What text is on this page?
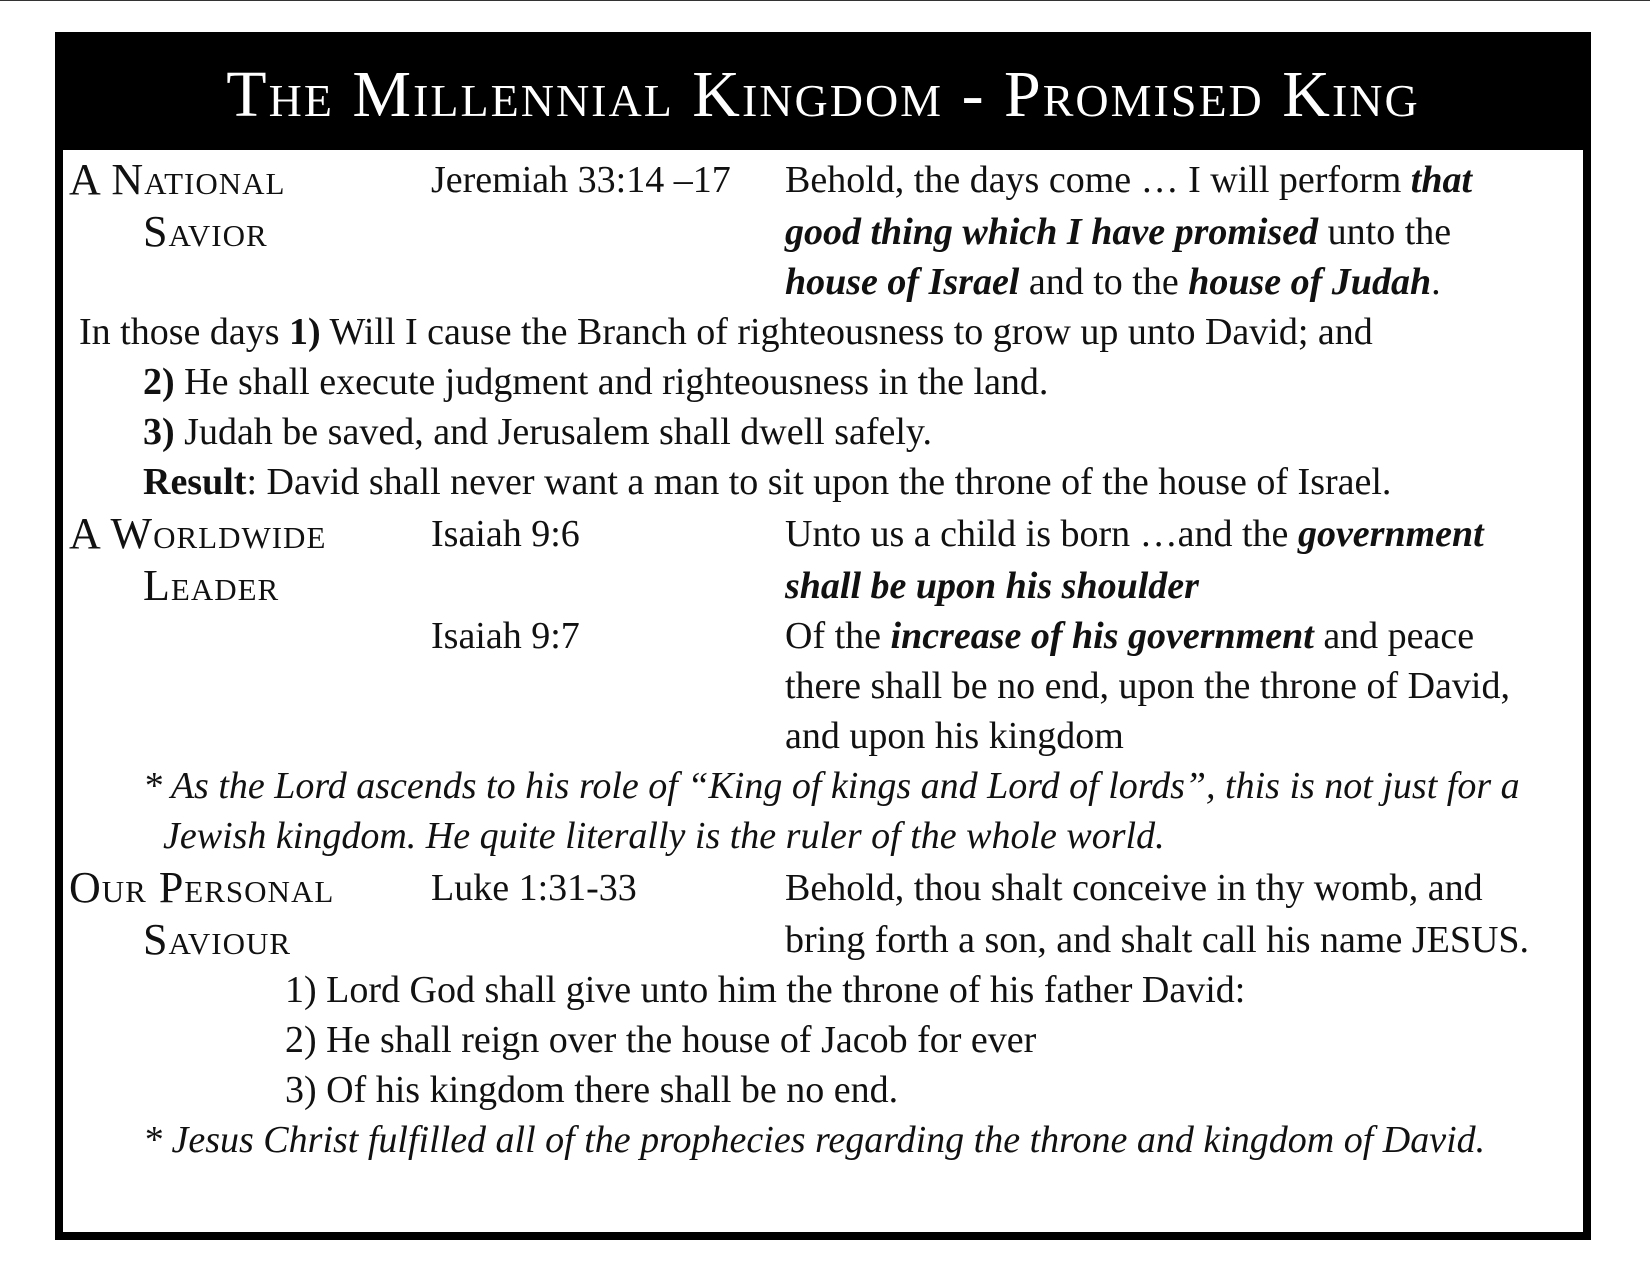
The Millennial Kingdom - Promised King
A National
Savior
Jeremiah 33:14 –17 Behold, the days come … I will perform that
good thing which I have promised unto the
house of Israel and to the house of Judah.
In those days 1) Will I cause the Branch of righteousness to grow up unto David; and
2) He shall execute judgment and righteousness in the land.
3) Judah be saved, and Jerusalem shall dwell safely.
Result: David shall never want a man to sit upon the throne of the house of Israel.
A Worldwide
Leader
Isaiah 9:6	Unto us a child is born …and the government
shall be upon his shoulder
Isaiah 9:7	Of the increase of his government and peace
there shall be no end, upon the throne of David,
and upon his kingdom
* As the Lord ascends to his role of “King of kings and Lord of lords”, this is not just for a
Jewish kingdom. He quite literally is the ruler of the whole world.
Our Personal
Saviour
Luke 1:31-33	Behold, thou shalt conceive in thy womb, and
bring forth a son, and shalt call his name JESUS.
1) Lord God shall give unto him the throne of his father David:
2) He shall reign over the house of Jacob for ever
3) Of his kingdom there shall be no end.
* Jesus Christ fulfilled all of the prophecies regarding the throne and kingdom of David.
